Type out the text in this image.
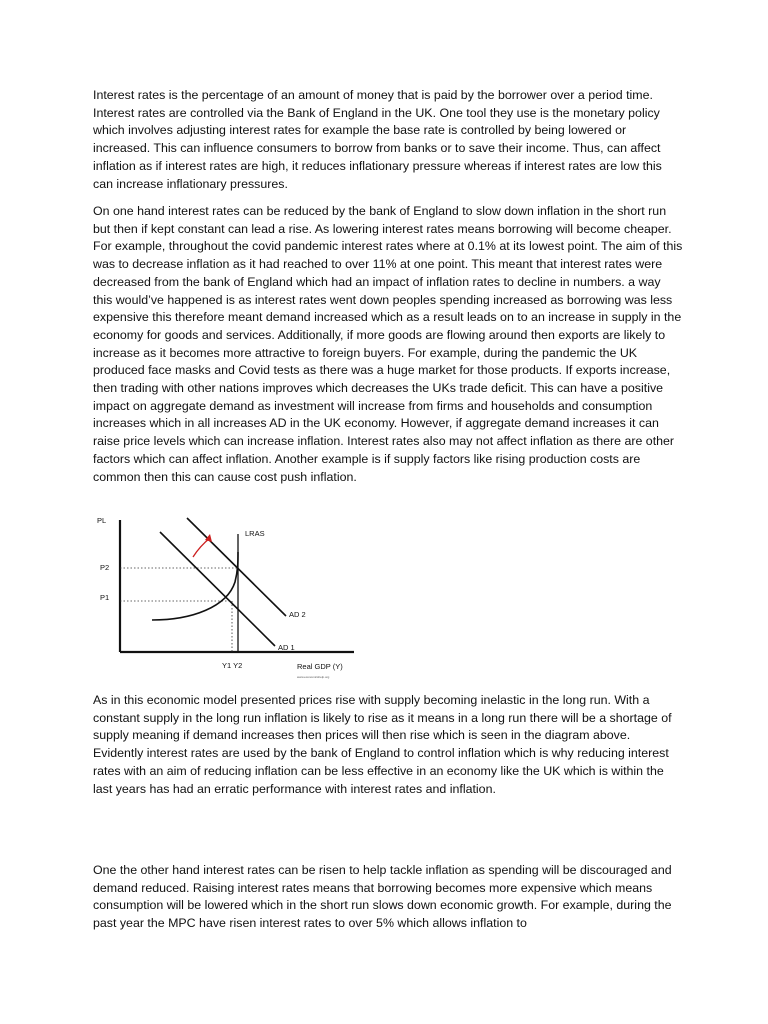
Interest rates is the percentage of an amount of money that is paid by the borrower over a period time. Interest rates are controlled via the Bank of England in the UK. One tool they use is the monetary policy which involves adjusting interest rates for example the base rate is controlled by being lowered or increased. This can influence consumers to borrow from banks or to save their income. Thus, can affect inflation as if interest rates are high, it reduces inflationary pressure whereas if interest rates are low this can increase inflationary pressures.

On one hand interest rates can be reduced by the bank of England to slow down inflation in the short run but then if kept constant can lead a rise. As lowering interest rates means borrowing will become cheaper. For example, throughout the covid pandemic interest rates where at 0.1% at its lowest point. The aim of this was to decrease inflation as it had reached to over 11% at one point. This meant that interest rates were decreased from the bank of England which had an impact of inflation rates to decline in numbers. a way this would’ve happened is as interest rates went down peoples spending increased as borrowing was less expensive this therefore meant demand increased which as a result leads on to an increase in supply in the economy for goods and services. Additionally, if more goods are flowing around then exports are likely to increase as it becomes more attractive to foreign buyers. For example, during the pandemic the UK produced face masks and Covid tests as there was a huge market for those products. If exports increase, then trading with other nations improves which decreases the UKs trade deficit. This can have a positive impact on aggregate demand as investment will increase from firms and households and consumption increases which in all increases AD in the UK economy. However, if aggregate demand increases it can raise price levels which can increase inflation. Interest rates also may not affect inflation as there are other factors which can affect inflation. Another example is if supply factors like rising production costs are common then this can cause cost push inflation.

PL
Real GDP (Y)
P2
P1
LRAS
AD 1
AD 2
Y1 Y2
www.economicshelp.org

As in this economic model presented prices rise with supply becoming inelastic in the long run. With a constant supply in the long run inflation is likely to rise as it means in a long run there will be a shortage of supply meaning if demand increases then prices will then rise which is seen in the diagram above. Evidently interest rates are used by the bank of England to control inflation which is why reducing interest rates with an aim of reducing inflation can be less effective in an economy like the UK which is within the last years has had an erratic performance with interest rates and inflation.

One the other hand interest rates can be risen to help tackle inflation as spending will be discouraged and demand reduced. Raising interest rates means that borrowing becomes more expensive which means consumption will be lowered which in the short run slows down economic growth. For example, during the past year the MPC have risen interest rates to over 5% which allows inflation to
